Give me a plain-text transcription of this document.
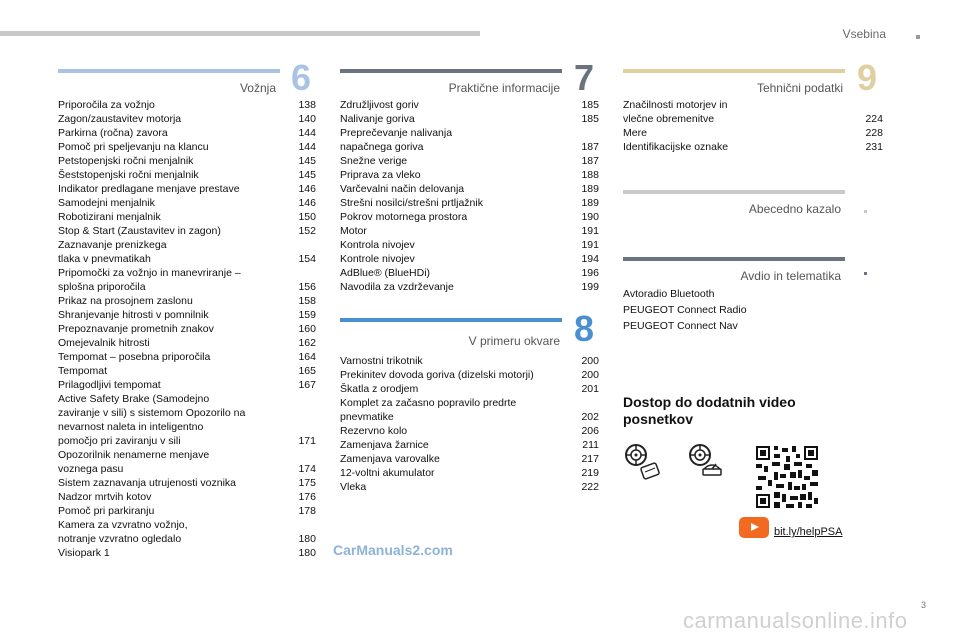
Vsebina
Vožnja 6
Priporočila za vožnjo	138
Zagon/zaustavitev motorja	140
Parkirna (ročna) zavora	144
Pomoč pri speljevanju na klancu	144
Petstopenjski ročni menjalnik	145
Šeststopenjski ročni menjalnik	145
Indikator predlagane menjave prestave	146
Samodejni menjalnik	146
Robotizirani menjalnik	150
Stop & Start (Zaustavitev in zagon)	152
Zaznavanje prenizkega
tlaka v pnevmatikah	154
Pripomočki za vožnjo in manevriranje –
splošna priporočila	156
Prikaz na prosojnem zaslonu	158
Shranjevanje hitrosti v pomnilnik	159
Prepoznavanje prometnih znakov	160
Omejevalnik hitrosti	162
Tempomat – posebna priporočila	164
Tempomat	165
Prilagodljivi tempomat	167
Active Safety Brake (Samodejno
zaviranje v sili) s sistemom Opozorilo na
nevarnost naleta in inteligentno
pomočjo pri zaviranju v sili	171
Opozorilnik nenamerne menjave
voznega pasu	174
Sistem zaznavanja utrujenosti voznika	175
Nadzor mrtvih kotov	176
Pomoč pri parkiranju	178
Kamera za vzvratno vožnjo,
notranje vzvratno ogledalo	180
Visiopark 1	180
Praktične informacije 7
Združljivost goriv	185
Nalivanje goriva	185
Preprečevanje nalivanja
napačnega goriva	187
Snežne verige	187
Priprava za vleko	188
Varčevalni način delovanja	189
Strešni nosilci/strešni prtljažnik	189
Pokrov motornega prostora	190
Motor	191
Kontrola nivojev	191
Kontrole nivojev	194
AdBlue® (BlueHDi)	196
Navodila za vzdrževanje	199
V primeru okvare 8
Varnostni trikotnik	200
Prekinitev dovoda goriva (dizelski motorji)	200
Škatla z orodjem	201
Komplet za začasno popravilo predrte
pnevmatike	202
Rezervno kolo	206
Zamenjava žarnice	211
Zamenjava varovalke	217
12-voltni akumulator	219
Vleka	222
Tehnični podatki 9
Značilnosti motorjev in
vlečne obremenitve	224
Mere	228
Identifikacijske oznake	231
Abecedno kazalo
Avdio in telematika
Avtoradio Bluetooth
PEUGEOT Connect Radio
PEUGEOT Connect Nav
Dostop do dodatnih video
posnetkov
bit.ly/helpPSA
CarManuals2.com
carmanualsonline.info
3
